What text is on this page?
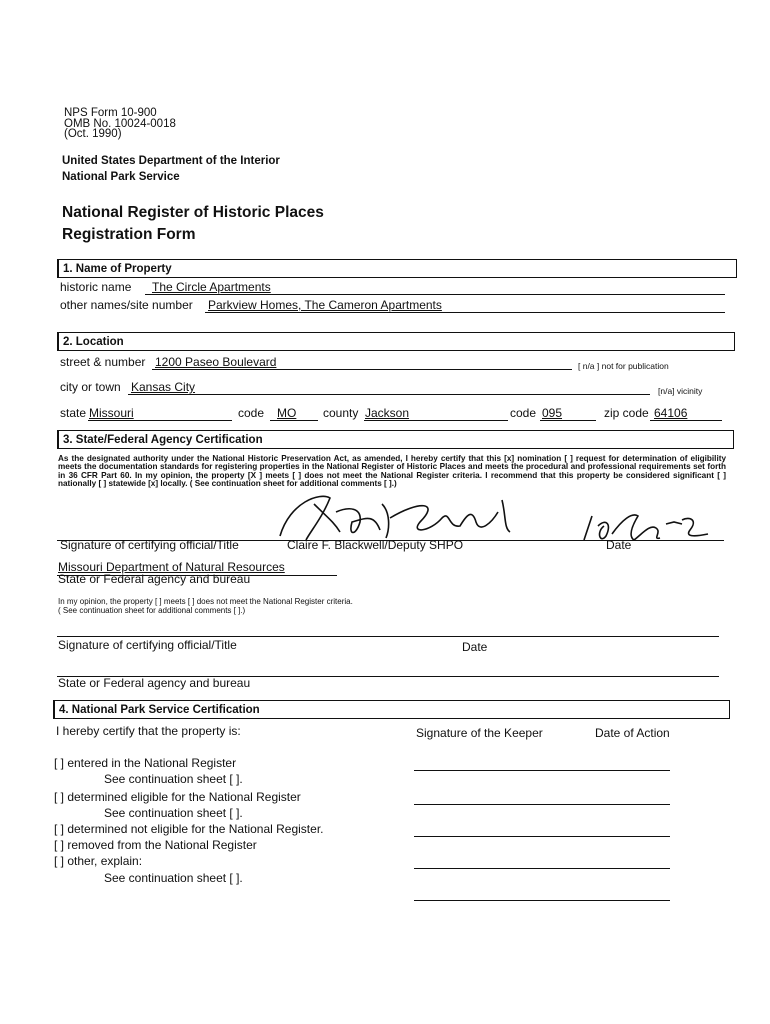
NPS Form 10-900
OMB No. 10024-0018
(Oct. 1990)
United States Department of the Interior
National Park Service
National Register of Historic Places
Registration Form
1. Name of Property
historic name The Circle Apartments
other names/site number Parkview Homes, The Cameron Apartments
2. Location
street & number 1200 Paseo Boulevard	[ n/a ] not for publication
city or town Kansas City	[n/a] vicinity
state Missouri	code MO county Jackson	code 095	zip code 64106
3. State/Federal Agency Certification
As the designated authority under the National Historic Preservation Act, as amended, I hereby certify that this [x] nomination [ ] request for determination of eligibility meets the documentation standards for registering properties in the National Register of Historic Places and meets the procedural and professional requirements set forth in 36 CFR Part 60. In my opinion, the property [X ] meets [ ] does not meet the National Register criteria. I recommend that this property be considered significant [ ] nationally [ ] statewide [x] locally. ( See continuation sheet for additional comments [ ].)
Signature of certifying official/Title	Claire F. Blackwell/Deputy SHPO	Date
Missouri Department of Natural Resources
State or Federal agency and bureau
In my opinion, the property [ ] meets [ ] does not meet the National Register criteria.
( See continuation sheet for additional comments [ ].)
Signature of certifying official/Title	Date
State or Federal agency and bureau
4. National Park Service Certification
I hereby certify that the property is:	Signature of the Keeper	Date of Action
[ ] entered in the National Register
See continuation sheet [ ].
[ ] determined eligible for the National Register
See continuation sheet [ ].
[ ] determined not eligible for the National Register.
[ ] removed from the National Register
[ ] other, explain:
See continuation sheet [ ].
